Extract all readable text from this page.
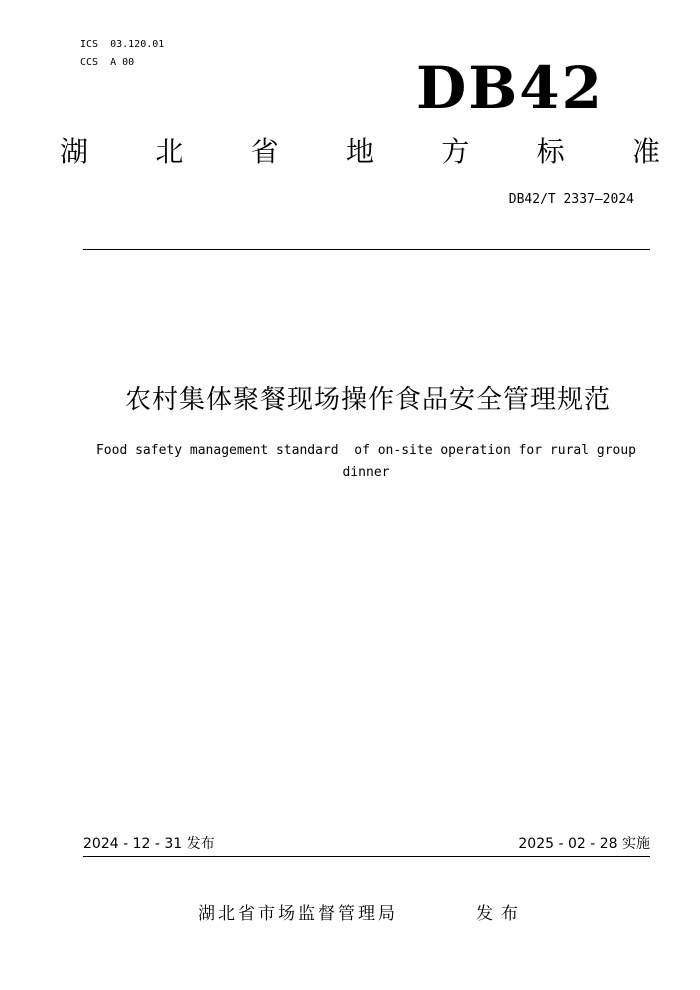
ICS  03.120.01
CCS  A 00	DB42
湖 北 省 地 方 标 准
DB42/T 2337—2024
农村集体聚餐现场操作食品安全管理规范
Food safety management standard  of on-site operation for rural group dinner
2024 - 12 - 31 发布	2025 - 02 - 28 实施
湖北省市场监督管理局	发布
